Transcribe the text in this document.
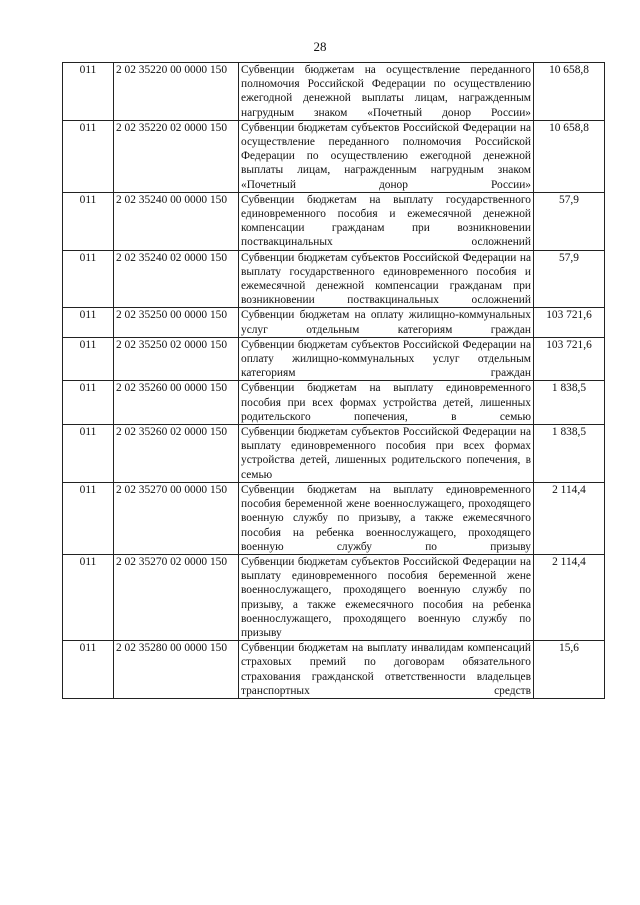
28
011	2 02 35220 00 0000 150	Субвенции бюджетам на осуществление переданного полномочия Российской Федерации по осуществлению ежегодной денежной выплаты лицам, награжденным нагрудным знаком «Почетный донор России»	10 658,8
011	2 02 35220 02 0000 150	Субвенции бюджетам субъектов Российской Федерации на осуществление переданного полномочия Российской Федерации по осуществлению ежегодной денежной выплаты лицам, награжденным нагрудным знаком «Почетный донор России»	10 658,8
011	2 02 35240 00 0000 150	Субвенции бюджетам на выплату государственного единовременного пособия и ежемесячной денежной компенсации гражданам при возникновении поствакцинальных осложнений	57,9
011	2 02 35240 02 0000 150	Субвенции бюджетам субъектов Российской Федерации на выплату государственного единовременного пособия и ежемесячной денежной компенсации гражданам при возникновении поствакцинальных осложнений	57,9
011	2 02 35250 00 0000 150	Субвенции бюджетам на оплату жилищно-коммунальных услуг отдельным категориям граждан	103 721,6
011	2 02 35250 02 0000 150	Субвенции бюджетам субъектов Российской Федерации на оплату жилищно-коммунальных услуг отдельным категориям граждан	103 721,6
011	2 02 35260 00 0000 150	Субвенции бюджетам на выплату единовременного пособия при всех формах устройства детей, лишенных родительского попечения, в семью	1 838,5
011	2 02 35260 02 0000 150	Субвенции бюджетам субъектов Российской Федерации на выплату единовременного пособия при всех формах устройства детей, лишенных родительского попечения, в семью	1 838,5
011	2 02 35270 00 0000 150	Субвенции бюджетам на выплату единовременного пособия беременной жене военнослужащего, проходящего военную службу по призыву, а также ежемесячного пособия на ребенка военнослужащего, проходящего военную службу по призыву	2 114,4
011	2 02 35270 02 0000 150	Субвенции бюджетам субъектов Российской Федерации на выплату единовременного пособия беременной жене военнослужащего, проходящего военную службу по призыву, а также ежемесячного пособия на ребенка военнослужащего, проходящего военную службу по призыву	2 114,4
011	2 02 35280 00 0000 150	Субвенции бюджетам на выплату инвалидам компенсаций страховых премий по договорам обязательного страхования гражданской ответственности владельцев транспортных средств	15,6
